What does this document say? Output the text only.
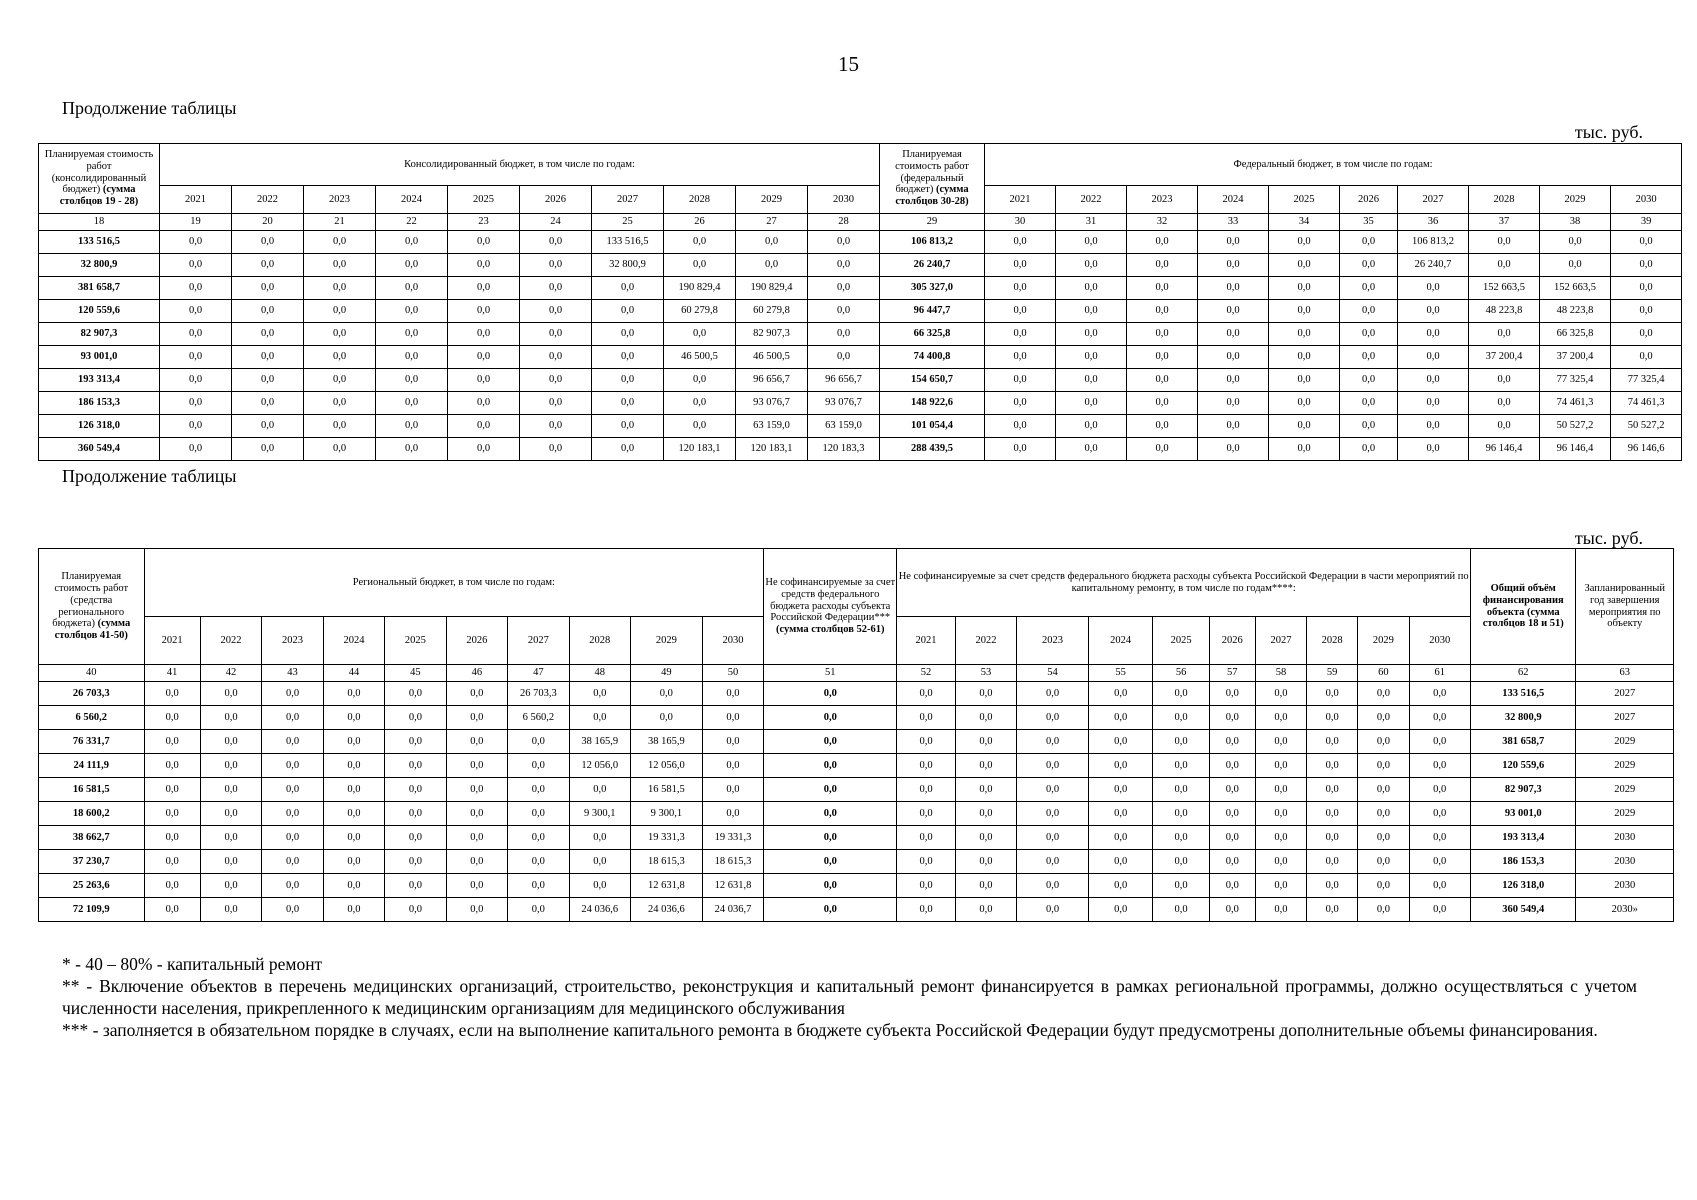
15
Продолжение таблицы
тыс. руб.
Планируемая стоимость работ (консолидированный бюджет) (сумма столбцов 19 - 28)	Консолидированный бюджет, в том числе по годам:										Планируемая стоимость работ (федеральный бюджет) (сумма столбцов 30-28)	Федеральный бюджет, в том числе по годам:									
	2021	2022	2023	2024	2025	2026	2027	2028	2029	2030		2021	2022	2023	2024	2025	2026	2027	2028	2029	2030
18	19	20	21	22	23	24	25	26	27	28	29	30	31	32	33	34	35	36	37	38	39
133 516,5	0,0	0,0	0,0	0,0	0,0	0,0	133 516,5	0,0	0,0	0,0	106 813,2	0,0	0,0	0,0	0,0	0,0	0,0	106 813,2	0,0	0,0	0,0
32 800,9	0,0	0,0	0,0	0,0	0,0	0,0	32 800,9	0,0	0,0	0,0	26 240,7	0,0	0,0	0,0	0,0	0,0	0,0	26 240,7	0,0	0,0	0,0
381 658,7	0,0	0,0	0,0	0,0	0,0	0,0	0,0	190 829,4	190 829,4	0,0	305 327,0	0,0	0,0	0,0	0,0	0,0	0,0	0,0	152 663,5	152 663,5	0,0
120 559,6	0,0	0,0	0,0	0,0	0,0	0,0	0,0	60 279,8	60 279,8	0,0	96 447,7	0,0	0,0	0,0	0,0	0,0	0,0	0,0	48 223,8	48 223,8	0,0
82 907,3	0,0	0,0	0,0	0,0	0,0	0,0	0,0	0,0	82 907,3	0,0	66 325,8	0,0	0,0	0,0	0,0	0,0	0,0	0,0	0,0	66 325,8	0,0
93 001,0	0,0	0,0	0,0	0,0	0,0	0,0	0,0	46 500,5	46 500,5	0,0	74 400,8	0,0	0,0	0,0	0,0	0,0	0,0	0,0	37 200,4	37 200,4	0,0
193 313,4	0,0	0,0	0,0	0,0	0,0	0,0	0,0	0,0	96 656,7	96 656,7	154 650,7	0,0	0,0	0,0	0,0	0,0	0,0	0,0	0,0	77 325,4	77 325,4
186 153,3	0,0	0,0	0,0	0,0	0,0	0,0	0,0	0,0	93 076,7	93 076,7	148 922,6	0,0	0,0	0,0	0,0	0,0	0,0	0,0	0,0	74 461,3	74 461,3
126 318,0	0,0	0,0	0,0	0,0	0,0	0,0	0,0	0,0	63 159,0	63 159,0	101 054,4	0,0	0,0	0,0	0,0	0,0	0,0	0,0	0,0	50 527,2	50 527,2
360 549,4	0,0	0,0	0,0	0,0	0,0	0,0	0,0	120 183,1	120 183,1	120 183,3	288 439,5	0,0	0,0	0,0	0,0	0,0	0,0	0,0	96 146,4	96 146,4	96 146,6
Продолжение таблицы
тыс. руб.
Планируемая стоимость работ (средства регионального бюджета) (сумма столбцов 41-50)	Региональный бюджет, в том числе по годам:										Не софинансируемые за счет средств федерального бюджета расходы субъекта Российской Федерации*** (сумма столбцов 52-61)	Не софинансируемые за счет средств федерального бюджета расходы субъекта Российской Федерации в части мероприятий по капитальному ремонту, в том числе по годам****:										Общий объём финансирования объекта (сумма столбцов 18 и 51)	Запланированный год завершения мероприятия по объекту
	2021	2022	2023	2024	2025	2026	2027	2028	2029	2030		2021	2022	2023	2024	2025	2026	2027	2028	2029	2030		
40	41	42	43	44	45	46	47	48	49	50	51	52	53	54	55	56	57	58	59	60	61	62	63
26 703,3	0,0	0,0	0,0	0,0	0,0	0,0	26 703,3	0,0	0,0	0,0	0,0	0,0	0,0	0,0	0,0	0,0	0,0	0,0	0,0	0,0	0,0	133 516,5	2027
6 560,2	0,0	0,0	0,0	0,0	0,0	0,0	6 560,2	0,0	0,0	0,0	0,0	0,0	0,0	0,0	0,0	0,0	0,0	0,0	0,0	0,0	0,0	32 800,9	2027
76 331,7	0,0	0,0	0,0	0,0	0,0	0,0	0,0	38 165,9	38 165,9	0,0	0,0	0,0	0,0	0,0	0,0	0,0	0,0	0,0	0,0	0,0	0,0	381 658,7	2029
24 111,9	0,0	0,0	0,0	0,0	0,0	0,0	0,0	12 056,0	12 056,0	0,0	0,0	0,0	0,0	0,0	0,0	0,0	0,0	0,0	0,0	0,0	0,0	120 559,6	2029
16 581,5	0,0	0,0	0,0	0,0	0,0	0,0	0,0	0,0	16 581,5	0,0	0,0	0,0	0,0	0,0	0,0	0,0	0,0	0,0	0,0	0,0	0,0	82 907,3	2029
18 600,2	0,0	0,0	0,0	0,0	0,0	0,0	0,0	9 300,1	9 300,1	0,0	0,0	0,0	0,0	0,0	0,0	0,0	0,0	0,0	0,0	0,0	0,0	93 001,0	2029
38 662,7	0,0	0,0	0,0	0,0	0,0	0,0	0,0	0,0	19 331,3	19 331,3	0,0	0,0	0,0	0,0	0,0	0,0	0,0	0,0	0,0	0,0	0,0	193 313,4	2030
37 230,7	0,0	0,0	0,0	0,0	0,0	0,0	0,0	0,0	18 615,3	18 615,3	0,0	0,0	0,0	0,0	0,0	0,0	0,0	0,0	0,0	0,0	0,0	186 153,3	2030
25 263,6	0,0	0,0	0,0	0,0	0,0	0,0	0,0	0,0	12 631,8	12 631,8	0,0	0,0	0,0	0,0	0,0	0,0	0,0	0,0	0,0	0,0	0,0	126 318,0	2030
72 109,9	0,0	0,0	0,0	0,0	0,0	0,0	0,0	24 036,6	24 036,6	24 036,7	0,0	0,0	0,0	0,0	0,0	0,0	0,0	0,0	0,0	0,0	0,0	360 549,4	2030»

* - 40 – 80% - капитальный ремонт

** - Включение объектов в перечень медицинских организаций, строительство, реконструкция и капитальный ремонт финансируется в рамках региональной программы, должно осуществляться с учетом численности населения, прикрепленного к медицинским организациям для медицинского обслуживания

*** - заполняется в обязательном порядке в случаях, если на выполнение капитального ремонта в бюджете субъекта Российской Федерации будут предусмотрены дополнительные объемы финансирования.
